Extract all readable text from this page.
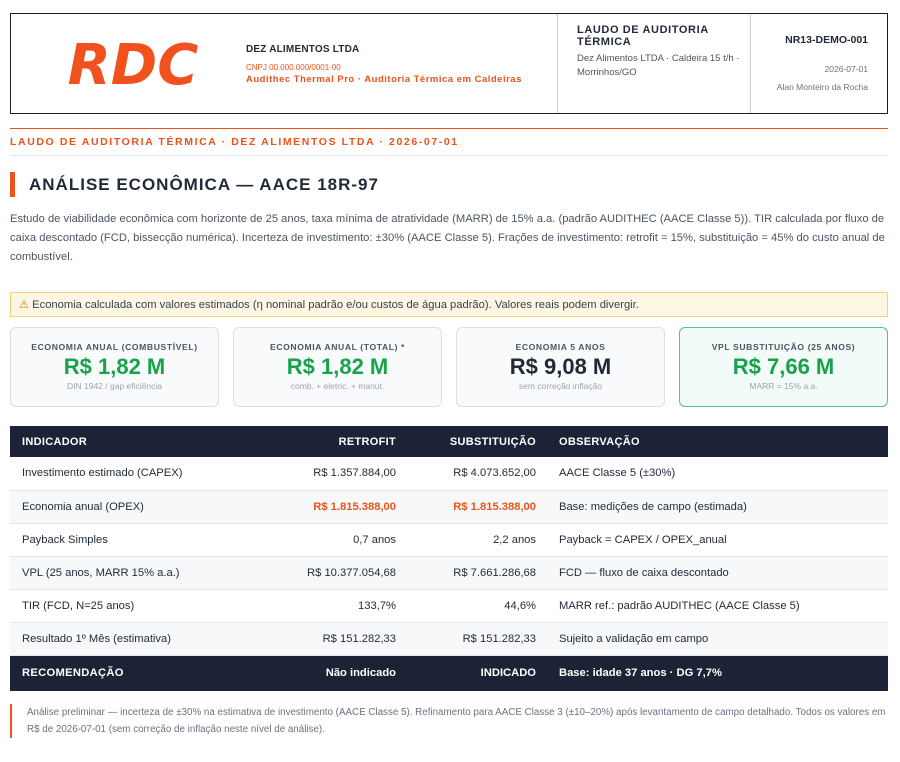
RDC	DEZ ALIMENTOS LTDA
CNPJ 00.000.000/0001-00
Audithec Thermal Pro · Auditoria Térmica em Caldeiras
LAUDO DE AUDITORIA TÉRMICA
Dez Alimentos LTDA · Caldeira 15 t/h · Morrinhos/GO
NR13-DEMO-001
2026-07-01
Alan Monteiro da Rocha
LAUDO DE AUDITORIA TÉRMICA · DEZ ALIMENTOS LTDA · 2026-07-01
ANÁLISE ECONÔMICA — AACE 18R-97
Estudo de viabilidade econômica com horizonte de 25 anos, taxa mínima de atratividade (MARR) de 15% a.a. (padrão AUDITHEC (AACE Classe 5)). TIR calculada por fluxo de caixa descontado (FCD, bissecção numérica). Incerteza de investimento: ±30% (AACE Classe 5). Frações de investimento: retrofit = 15%, substituição = 45% do custo anual de combustível.
⚠ Economia calculada com valores estimados (η nominal padrão e/ou custos de água padrão). Valores reais podem divergir.
ECONOMIA ANUAL (COMBUSTÍVEL)
R$ 1,82 M
DIN 1942 / gap eficiência
ECONOMIA ANUAL (TOTAL) *
R$ 1,82 M
comb. + eletric. + manut.
ECONOMIA 5 ANOS
R$ 9,08 M
sem correção inflação
VPL SUBSTITUIÇÃO (25 ANOS)
R$ 7,66 M
MARR = 15% a.a.
INDICADOR	RETROFIT	SUBSTITUIÇÃO	OBSERVAÇÃO
Investimento estimado (CAPEX)	R$ 1.357.884,00	R$ 4.073.652,00	AACE Classe 5 (±30%)
Economia anual (OPEX)	R$ 1.815.388,00	R$ 1.815.388,00	Base: medições de campo (estimada)
Payback Simples	0,7 anos	2,2 anos	Payback = CAPEX / OPEX_anual
VPL (25 anos, MARR 15% a.a.)	R$ 10.377.054,68	R$ 7.661.286,68	FCD — fluxo de caixa descontado
TIR (FCD, N=25 anos)	133,7%	44,6%	MARR ref.: padrão AUDITHEC (AACE Classe 5)
Resultado 1º Mês (estimativa)	R$ 151.282,33	R$ 151.282,33	Sujeito a validação em campo
RECOMENDAÇÃO	Não indicado	INDICADO	Base: idade 37 anos · DG 7,7%
Análise preliminar — incerteza de ±30% na estimativa de investimento (AACE Classe 5). Refinamento para AACE Classe 3 (±10–20%) após levantamento de campo detalhado. Todos os valores em R$ de 2026-07-01 (sem correção de inflação neste nível de análise).
